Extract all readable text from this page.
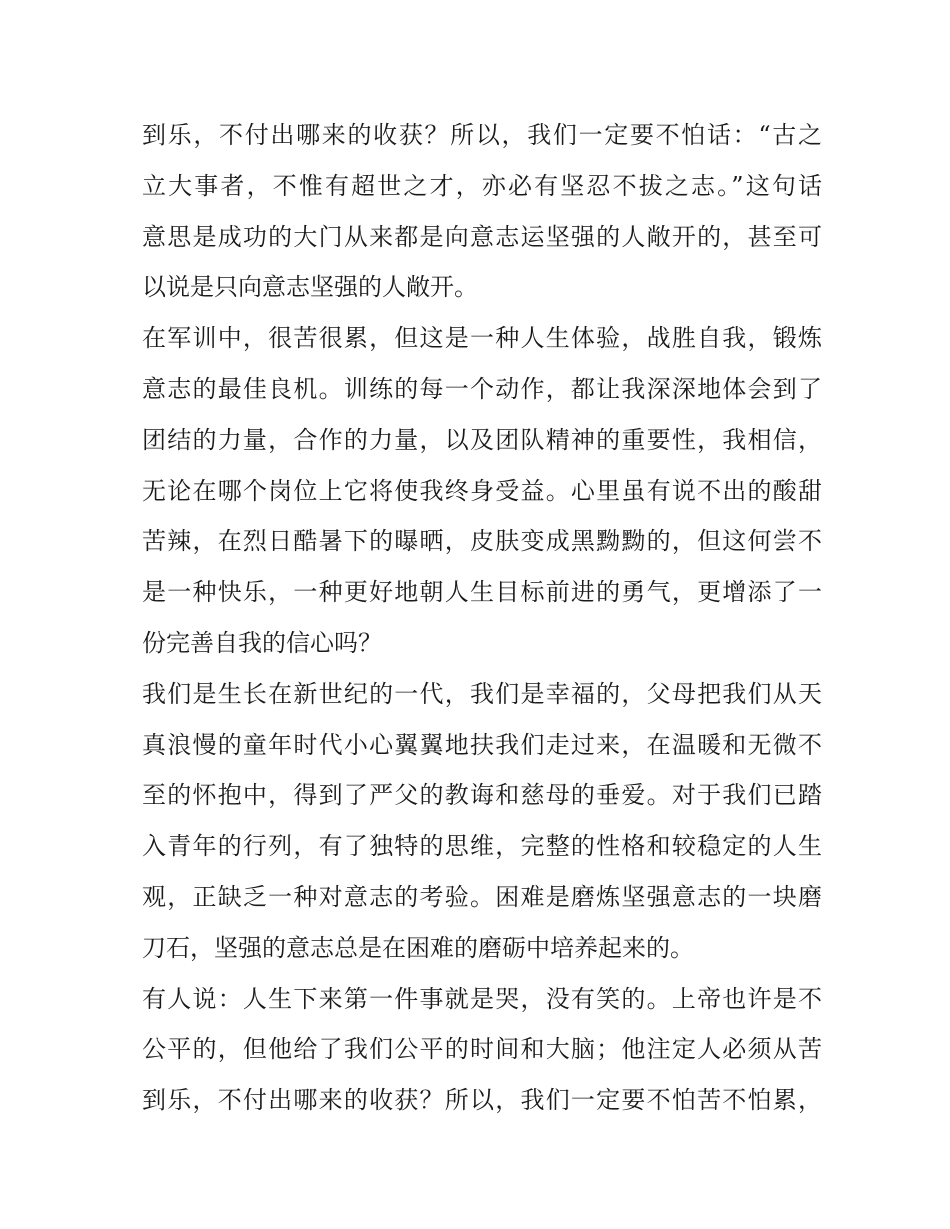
到乐，不付出哪来的收获？所以，我们一定要不怕话：“古之
立大事者，不惟有超世之才，亦必有坚忍不拔之志。”这句话
意思是成功的大门从来都是向意志运坚强的人敞开的，甚至可
以说是只向意志坚强的人敞开。
在军训中，很苦很累，但这是一种人生体验，战胜自我，锻炼
意志的最佳良机。训练的每一个动作，都让我深深地体会到了
团结的力量，合作的力量，以及团队精神的重要性，我相信，
无论在哪个岗位上它将使我终身受益。心里虽有说不出的酸甜
苦辣，在烈日酷暑下的曝晒，皮肤变成黑黝黝的，但这何尝不
是一种快乐，一种更好地朝人生目标前进的勇气，更增添了一
份完善自我的信心吗？
我们是生长在新世纪的一代，我们是幸福的，父母把我们从天
真浪慢的童年时代小心翼翼地扶我们走过来，在温暖和无微不
至的怀抱中，得到了严父的教诲和慈母的垂爱。对于我们已踏
入青年的行列，有了独特的思维，完整的性格和较稳定的人生
观，正缺乏一种对意志的考验。困难是磨炼坚强意志的一块磨
刀石，坚强的意志总是在困难的磨砺中培养起来的。
有人说：人生下来第一件事就是哭，没有笑的。上帝也许是不
公平的，但他给了我们公平的时间和大脑；他注定人必须从苦
到乐，不付出哪来的收获？所以，我们一定要不怕苦不怕累，
